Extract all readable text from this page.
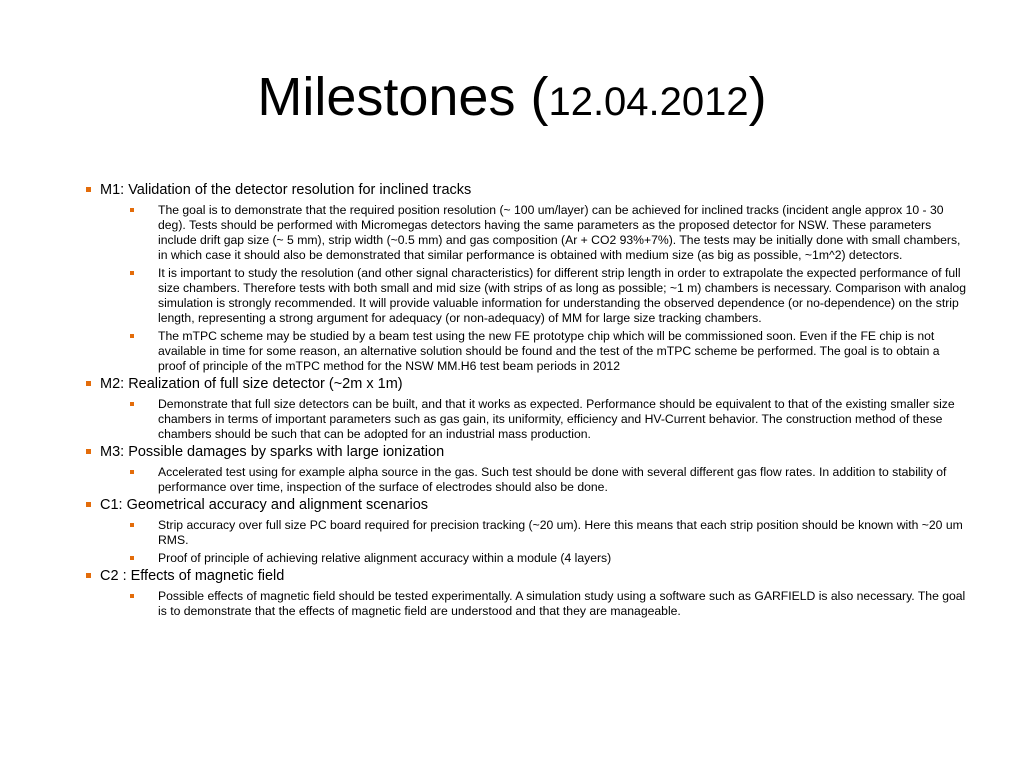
Milestones (12.04.2012)
M1: Validation of the detector resolution for inclined tracks
The goal is to demonstrate that the required position resolution (~ 100 um/layer) can be achieved for inclined tracks (incident angle approx 10 - 30 deg). Tests should be performed with Micromegas detectors having the same parameters as the proposed detector for NSW. These parameters include drift gap size (~ 5 mm), strip width (~0.5 mm) and gas composition (Ar + CO2 93%+7%). The tests may be initially done with small chambers, in which case it should also be demonstrated that similar performance is obtained with medium size (as big as possible, ~1m^2) detectors.
It is important to study the resolution (and other signal characteristics) for different strip length in order to extrapolate the expected performance of full size chambers. Therefore tests with both small and mid size (with strips of as long as possible; ~1 m) chambers is necessary. Comparison with analog simulation is strongly recommended. It will provide valuable information for understanding the observed dependence (or no-dependence) on the strip length, representing a strong argument for adequacy (or non-adequacy) of MM for large size tracking chambers.
The mTPC scheme may be studied by a beam test using the new FE prototype chip which will be commissioned soon. Even if the FE chip is not available in time for some reason, an alternative solution should be found and the test of the mTPC scheme be performed. The goal is to obtain a proof of principle of the mTPC method for the NSW MM.H6 test beam periods in 2012
M2: Realization of full size detector (~2m x 1m)
Demonstrate that full size detectors can be built, and that it works as expected. Performance should be equivalent to that of the existing smaller size chambers in terms of important parameters such as gas gain, its uniformity, efficiency and HV-Current behavior. The construction method of these chambers should be such that can be adopted for an industrial mass production.
M3: Possible damages by sparks with large ionization
Accelerated test using for example alpha source in the gas. Such test should be done with several different gas flow rates. In addition to stability of performance over time, inspection of the surface of electrodes should also be done.
C1: Geometrical accuracy and alignment scenarios
Strip accuracy over full size PC board required for precision tracking (~20 um). Here this means that each strip position should be known with ~20 um RMS.
Proof of principle of achieving relative alignment accuracy within a module (4 layers)
C2 : Effects of magnetic field
Possible effects of magnetic field should be tested experimentally. A simulation study using a software such as GARFIELD is also necessary. The goal is to demonstrate that the effects of magnetic field are understood and that they are manageable.
